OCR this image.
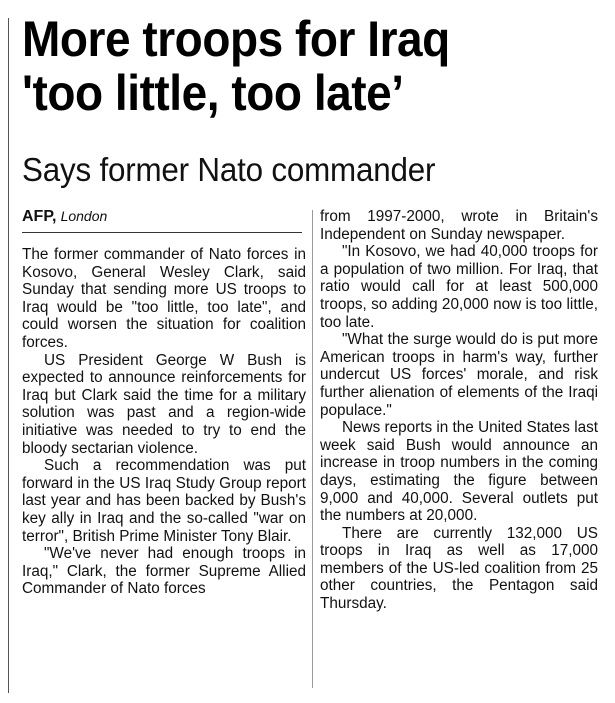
More troops for Iraq
'too little, too late’
Says former Nato commander
AFP, London

The former commander of Nato forces in Kosovo, General Wesley Clark, said Sunday that sending more US troops to Iraq would be "too little, too late", and could worsen the situation for coalition forces.

US President George W Bush is expected to announce reinforcements for Iraq but Clark said the time for a military solution was past and a region-wide initiative was needed to try to end the bloody sectarian violence.

Such a recommendation was put forward in the US Iraq Study Group report last year and has been backed by Bush's key ally in Iraq and the so-called "war on terror", British Prime Minister Tony Blair.

"We've never had enough troops in Iraq," Clark, the former Supreme Allied Commander of Nato forces

from 1997-2000, wrote in Britain's Independent on Sunday newspaper.

"In Kosovo, we had 40,000 troops for a population of two million. For Iraq, that ratio would call for at least 500,000 troops, so adding 20,000 now is too little, too late.

"What the surge would do is put more American troops in harm's way, further undercut US forces' morale, and risk further alienation of elements of the Iraqi populace."

News reports in the United States last week said Bush would announce an increase in troop numbers in the coming days, estimating the figure between 9,000 and 40,000. Several outlets put the numbers at 20,000.

There are currently 132,000 US troops in Iraq as well as 17,000 members of the US-led coalition from 25 other countries, the Pentagon said Thursday.
